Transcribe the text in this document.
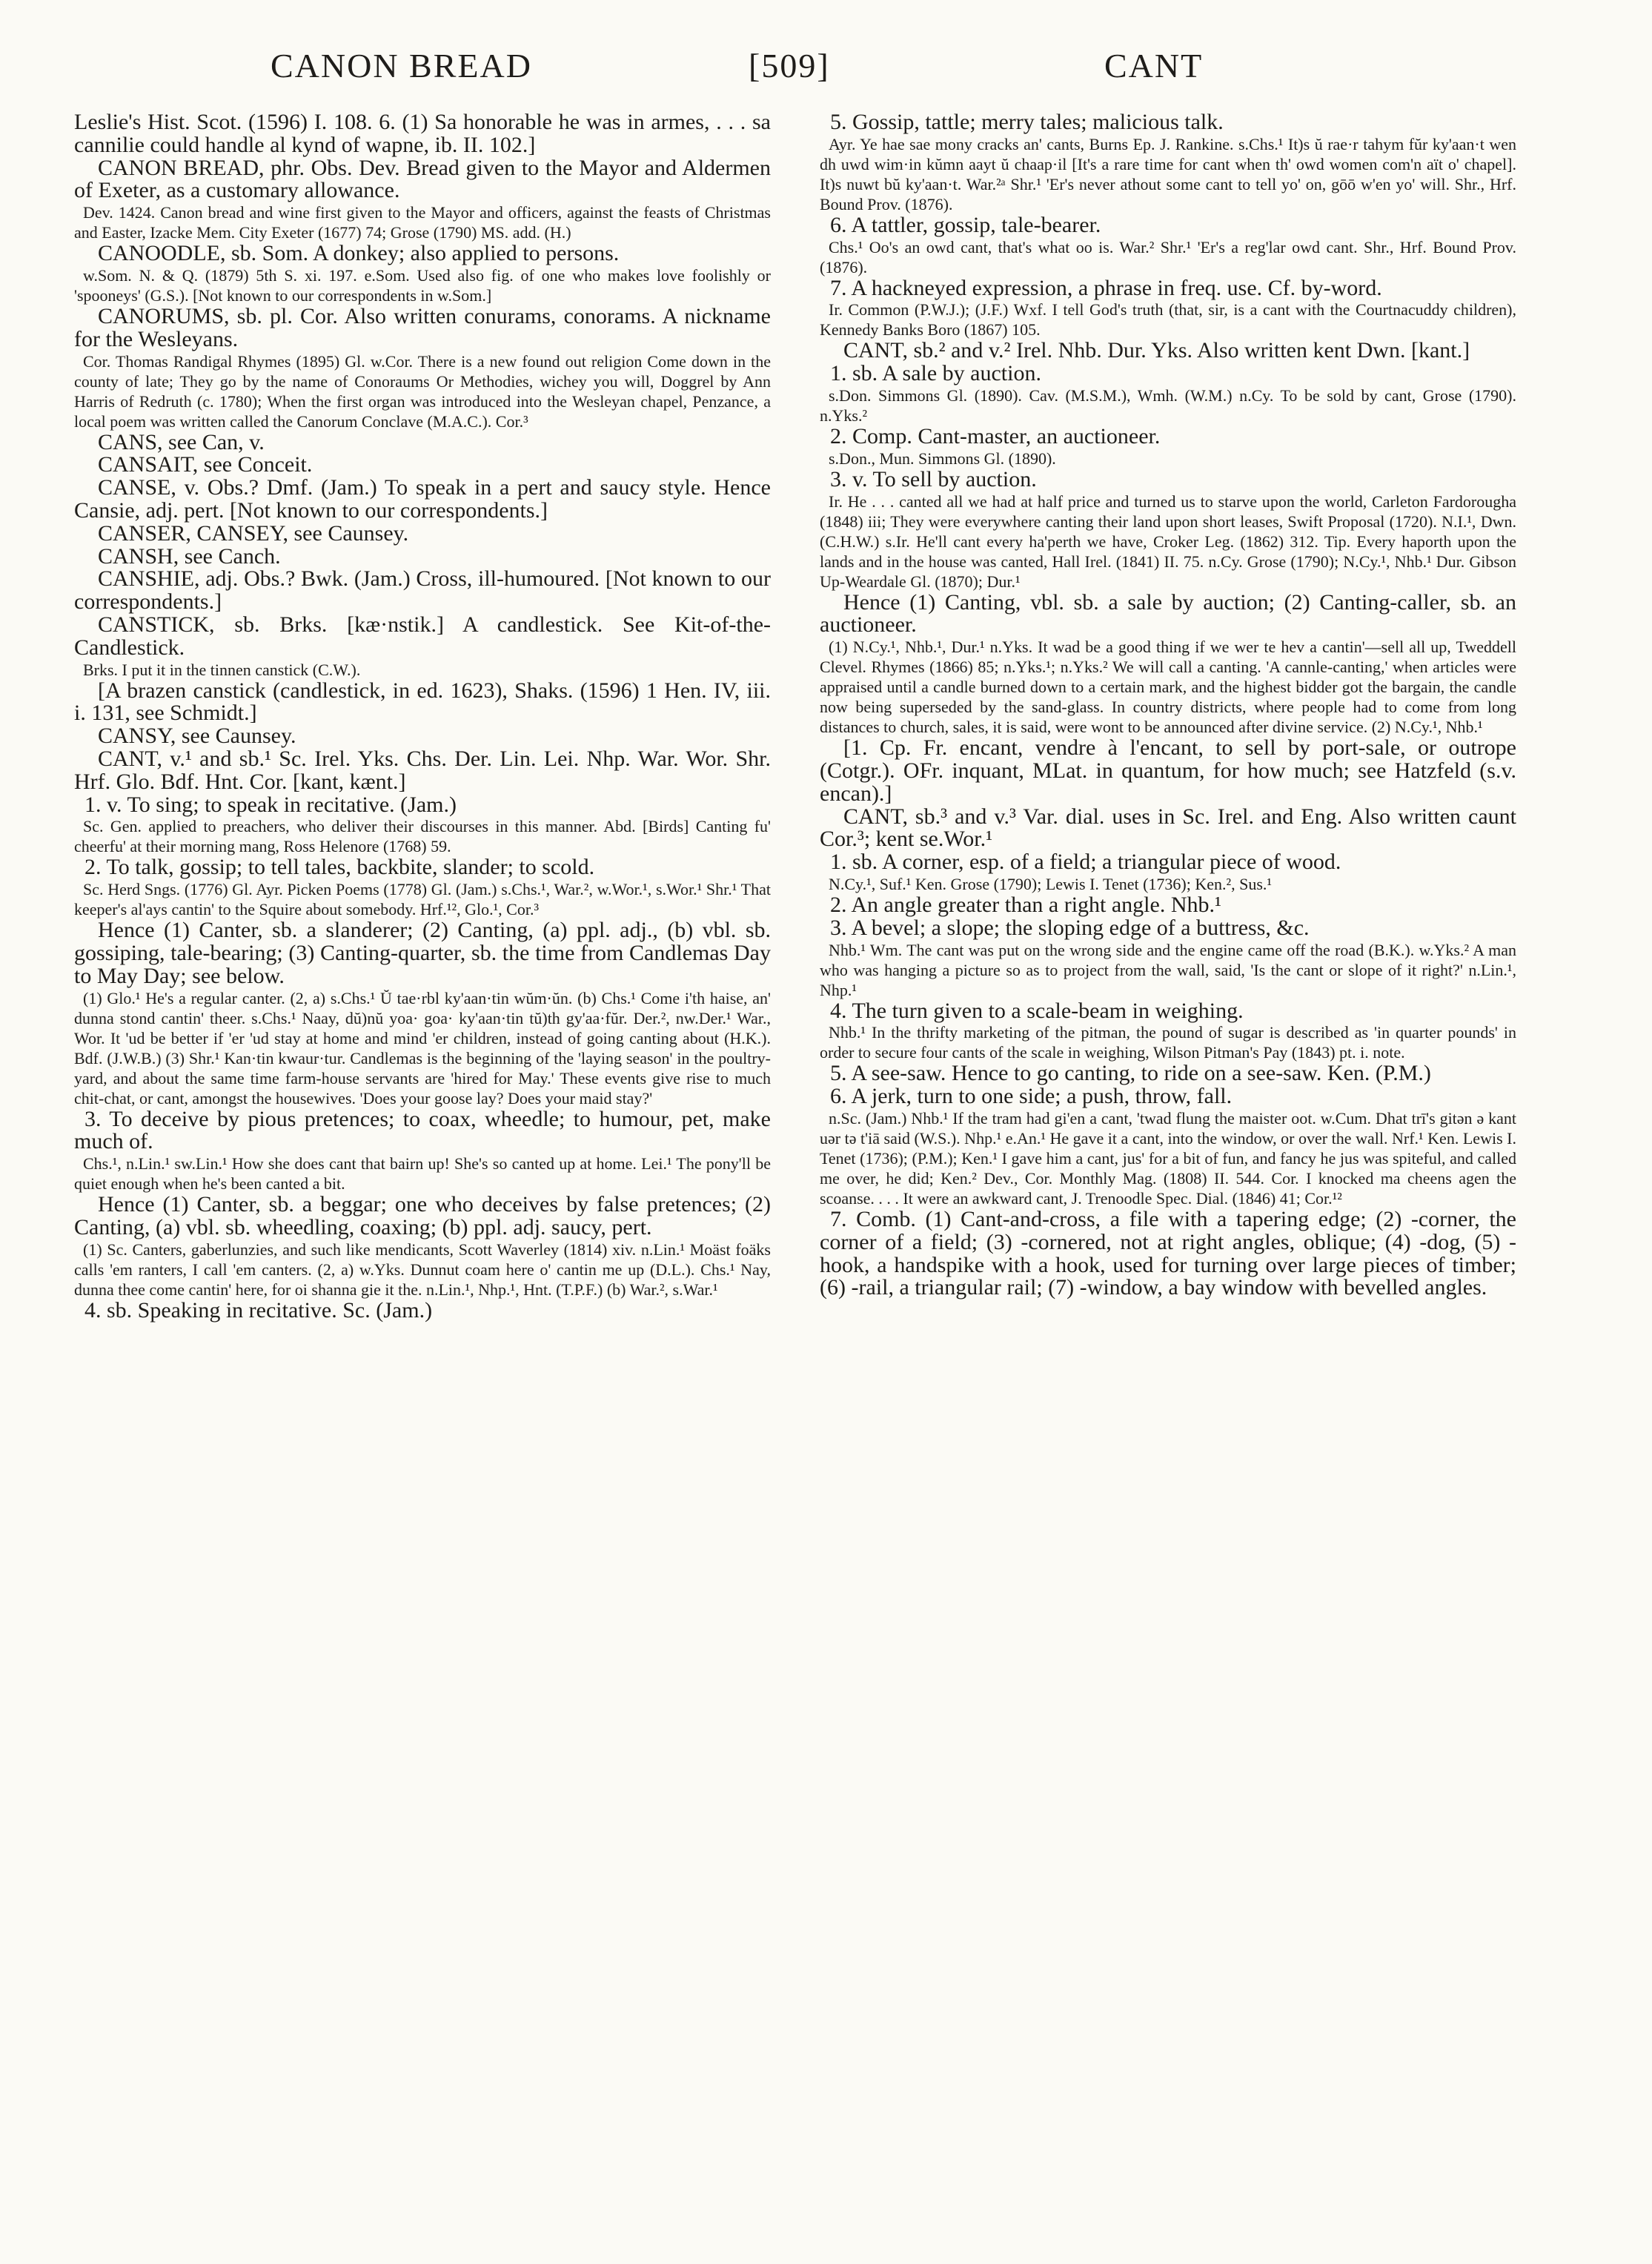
CANON BREAD	[509]	CANT

Leslie's Hist. Scot. (1596) I. 108. 6. (1) Sa honorable he was in armes, . . . sa cannilie could handle al kynd of wapne, ib. II. 102.]

CANON BREAD, phr. Obs. Dev. Bread given to the Mayor and Aldermen of Exeter, as a customary allowance.

Dev. 1424. Canon bread and wine first given to the Mayor and officers, against the feasts of Christmas and Easter, Izacke Mem. City Exeter (1677) 74; Grose (1790) MS. add. (H.)

CANOODLE, sb. Som. A donkey; also applied to persons.

w.Som. N. & Q. (1879) 5th S. xi. 197. e.Som. Used also fig. of one who makes love foolishly or 'spooneys' (G.S.). [Not known to our correspondents in w.Som.]

CANORUMS, sb. pl. Cor. Also written conurams, conorams. A nickname for the Wesleyans.

Cor. Thomas Randigal Rhymes (1895) Gl. w.Cor. There is a new found out religion Come down in the county of late; They go by the name of Conoraums Or Methodies, wichey you will, Doggrel by Ann Harris of Redruth (c. 1780); When the first organ was introduced into the Wesleyan chapel, Penzance, a local poem was written called the Canorum Conclave (M.A.C.). Cor.³

CANS, see Can, v.

CANSAIT, see Conceit.

CANSE, v. Obs.? Dmf. (Jam.) To speak in a pert and saucy style. Hence Cansie, adj. pert. [Not known to our correspondents.]

CANSER, CANSEY, see Caunsey.

CANSH, see Canch.

CANSHIE, adj. Obs.? Bwk. (Jam.) Cross, ill-humoured. [Not known to our correspondents.]

CANSTICK, sb. Brks. [kæ·nstik.] A candlestick. See Kit-of-the-Candlestick.

Brks. I put it in the tinnen canstick (C.W.).

[A brazen canstick (candlestick, in ed. 1623), Shaks. (1596) 1 Hen. IV, iii. i. 131, see Schmidt.]

CANSY, see Caunsey.

CANT, v.¹ and sb.¹ Sc. Irel. Yks. Chs. Der. Lin. Lei. Nhp. War. Wor. Shr. Hrf. Glo. Bdf. Hnt. Cor. [kant, kænt.]

1. v. To sing; to speak in recitative. (Jam.)

Sc. Gen. applied to preachers, who deliver their discourses in this manner. Abd. [Birds] Canting fu' cheerfu' at their morning mang, Ross Helenore (1768) 59.

2. To talk, gossip; to tell tales, backbite, slander; to scold.

Sc. Herd Sngs. (1776) Gl. Ayr. Picken Poems (1778) Gl. (Jam.) s.Chs.¹, War.², w.Wor.¹, s.Wor.¹ Shr.¹ That keeper's al'ays cantin' to the Squire about somebody. Hrf.¹², Glo.¹, Cor.³

Hence (1) Canter, sb. a slanderer; (2) Canting, (a) ppl. adj., (b) vbl. sb. gossiping, tale-bearing; (3) Canting-quarter, sb. the time from Candlemas Day to May Day; see below.

(1) Glo.¹ He's a regular canter. (2, a) s.Chs.¹ Ŭ tae·rbl ky'aan·tin wŭm·ŭn. (b) Chs.¹ Come i'th haise, an' dunna stond cantin' theer. s.Chs.¹ Naay, dŭ)nŭ yoa· goa· ky'aan·tin tŭ)th gy'aa·fŭr. Der.², nw.Der.¹ War., Wor. It 'ud be better if 'er 'ud stay at home and mind 'er children, instead of going canting about (H.K.). Bdf. (J.W.B.) (3) Shr.¹ Kan·tin kwaur·tur. Candlemas is the beginning of the 'laying season' in the poultry-yard, and about the same time farm-house servants are 'hired for May.' These events give rise to much chit-chat, or cant, amongst the housewives. 'Does your goose lay? Does your maid stay?'

3. To deceive by pious pretences; to coax, wheedle; to humour, pet, make much of.

Chs.¹, n.Lin.¹ sw.Lin.¹ How she does cant that bairn up! She's so canted up at home. Lei.¹ The pony'll be quiet enough when he's been canted a bit.

Hence (1) Canter, sb. a beggar; one who deceives by false pretences; (2) Canting, (a) vbl. sb. wheedling, coaxing; (b) ppl. adj. saucy, pert.

(1) Sc. Canters, gaberlunzies, and such like mendicants, Scott Waverley (1814) xiv. n.Lin.¹ Moäst foäks calls 'em ranters, I call 'em canters. (2, a) w.Yks. Dunnut coam here o' cantin me up (D.L.). Chs.¹ Nay, dunna thee come cantin' here, for oi shanna gie it the. n.Lin.¹, Nhp.¹, Hnt. (T.P.F.) (b) War.², s.War.¹

4. sb. Speaking in recitative. Sc. (Jam.)

5. Gossip, tattle; merry tales; malicious talk.

Ayr. Ye hae sae mony cracks an' cants, Burns Ep. J. Rankine. s.Chs.¹ It)s ŭ rae·r tahym fŭr ky'aan·t wen dh uwd wim·in kŭmn aayt ŭ chaap·il [It's a rare time for cant when th' owd women com'n aït o' chapel]. It)s nuwt bŭ ky'aan·t. War.²ᵃ Shr.¹ 'Er's never athout some cant to tell yo' on, gōō w'en yo' will. Shr., Hrf. Bound Prov. (1876).

6. A tattler, gossip, tale-bearer.

Chs.¹ Oo's an owd cant, that's what oo is. War.² Shr.¹ 'Er's a reg'lar owd cant. Shr., Hrf. Bound Prov. (1876).

7. A hackneyed expression, a phrase in freq. use. Cf. by-word.

Ir. Common (P.W.J.); (J.F.) Wxf. I tell God's truth (that, sir, is a cant with the Courtnacuddy children), Kennedy Banks Boro (1867) 105.

CANT, sb.² and v.² Irel. Nhb. Dur. Yks. Also written kent Dwn. [kant.]

1. sb. A sale by auction.

s.Don. Simmons Gl. (1890). Cav. (M.S.M.), Wmh. (W.M.) n.Cy. To be sold by cant, Grose (1790). n.Yks.²

2. Comp. Cant-master, an auctioneer.

s.Don., Mun. Simmons Gl. (1890).

3. v. To sell by auction.

Ir. He . . . canted all we had at half price and turned us to starve upon the world, Carleton Fardorougha (1848) iii; They were everywhere canting their land upon short leases, Swift Proposal (1720). N.I.¹, Dwn. (C.H.W.) s.Ir. He'll cant every ha'perth we have, Croker Leg. (1862) 312. Tip. Every haporth upon the lands and in the house was canted, Hall Irel. (1841) II. 75. n.Cy. Grose (1790); N.Cy.¹, Nhb.¹ Dur. Gibson Up-Weardale Gl. (1870); Dur.¹

Hence (1) Canting, vbl. sb. a sale by auction; (2) Canting-caller, sb. an auctioneer.

(1) N.Cy.¹, Nhb.¹, Dur.¹ n.Yks. It wad be a good thing if we wer te hev a cantin'—sell all up, Tweddell Clevel. Rhymes (1866) 85; n.Yks.¹; n.Yks.² We will call a canting. 'A cannle-canting,' when articles were appraised until a candle burned down to a certain mark, and the highest bidder got the bargain, the candle now being superseded by the sand-glass. In country districts, where people had to come from long distances to church, sales, it is said, were wont to be announced after divine service. (2) N.Cy.¹, Nhb.¹

[1. Cp. Fr. encant, vendre à l'encant, to sell by port-sale, or outrope (Cotgr.). OFr. inquant, MLat. in quantum, for how much; see Hatzfeld (s.v. encan).]

CANT, sb.³ and v.³ Var. dial. uses in Sc. Irel. and Eng. Also written caunt Cor.³; kent se.Wor.¹

1. sb. A corner, esp. of a field; a triangular piece of wood.

N.Cy.¹, Suf.¹ Ken. Grose (1790); Lewis I. Tenet (1736); Ken.², Sus.¹

2. An angle greater than a right angle. Nhb.¹

3. A bevel; a slope; the sloping edge of a buttress, &c.

Nhb.¹ Wm. The cant was put on the wrong side and the engine came off the road (B.K.). w.Yks.² A man who was hanging a picture so as to project from the wall, said, 'Is the cant or slope of it right?' n.Lin.¹, Nhp.¹

4. The turn given to a scale-beam in weighing.

Nhb.¹ In the thrifty marketing of the pitman, the pound of sugar is described as 'in quarter pounds' in order to secure four cants of the scale in weighing, Wilson Pitman's Pay (1843) pt. i. note.

5. A see-saw. Hence to go canting, to ride on a see-saw. Ken. (P.M.)

6. A jerk, turn to one side; a push, throw, fall.

n.Sc. (Jam.) Nhb.¹ If the tram had gi'en a cant, 'twad flung the maister oot. w.Cum. Dhat trī's gitən ə kant uər tə t'iā said (W.S.). Nhp.¹ e.An.¹ He gave it a cant, into the window, or over the wall. Nrf.¹ Ken. Lewis I. Tenet (1736); (P.M.); Ken.¹ I gave him a cant, jus' for a bit of fun, and fancy he jus was spiteful, and called me over, he did; Ken.² Dev., Cor. Monthly Mag. (1808) II. 544. Cor. I knocked ma cheens agen the scoanse. . . . It were an awkward cant, J. Trenoodle Spec. Dial. (1846) 41; Cor.¹²

7. Comb. (1) Cant-and-cross, a file with a tapering edge; (2) -corner, the corner of a field; (3) -cornered, not at right angles, oblique; (4) -dog, (5) -hook, a handspike with a hook, used for turning over large pieces of timber; (6) -rail, a triangular rail; (7) -window, a bay window with bevelled angles.
